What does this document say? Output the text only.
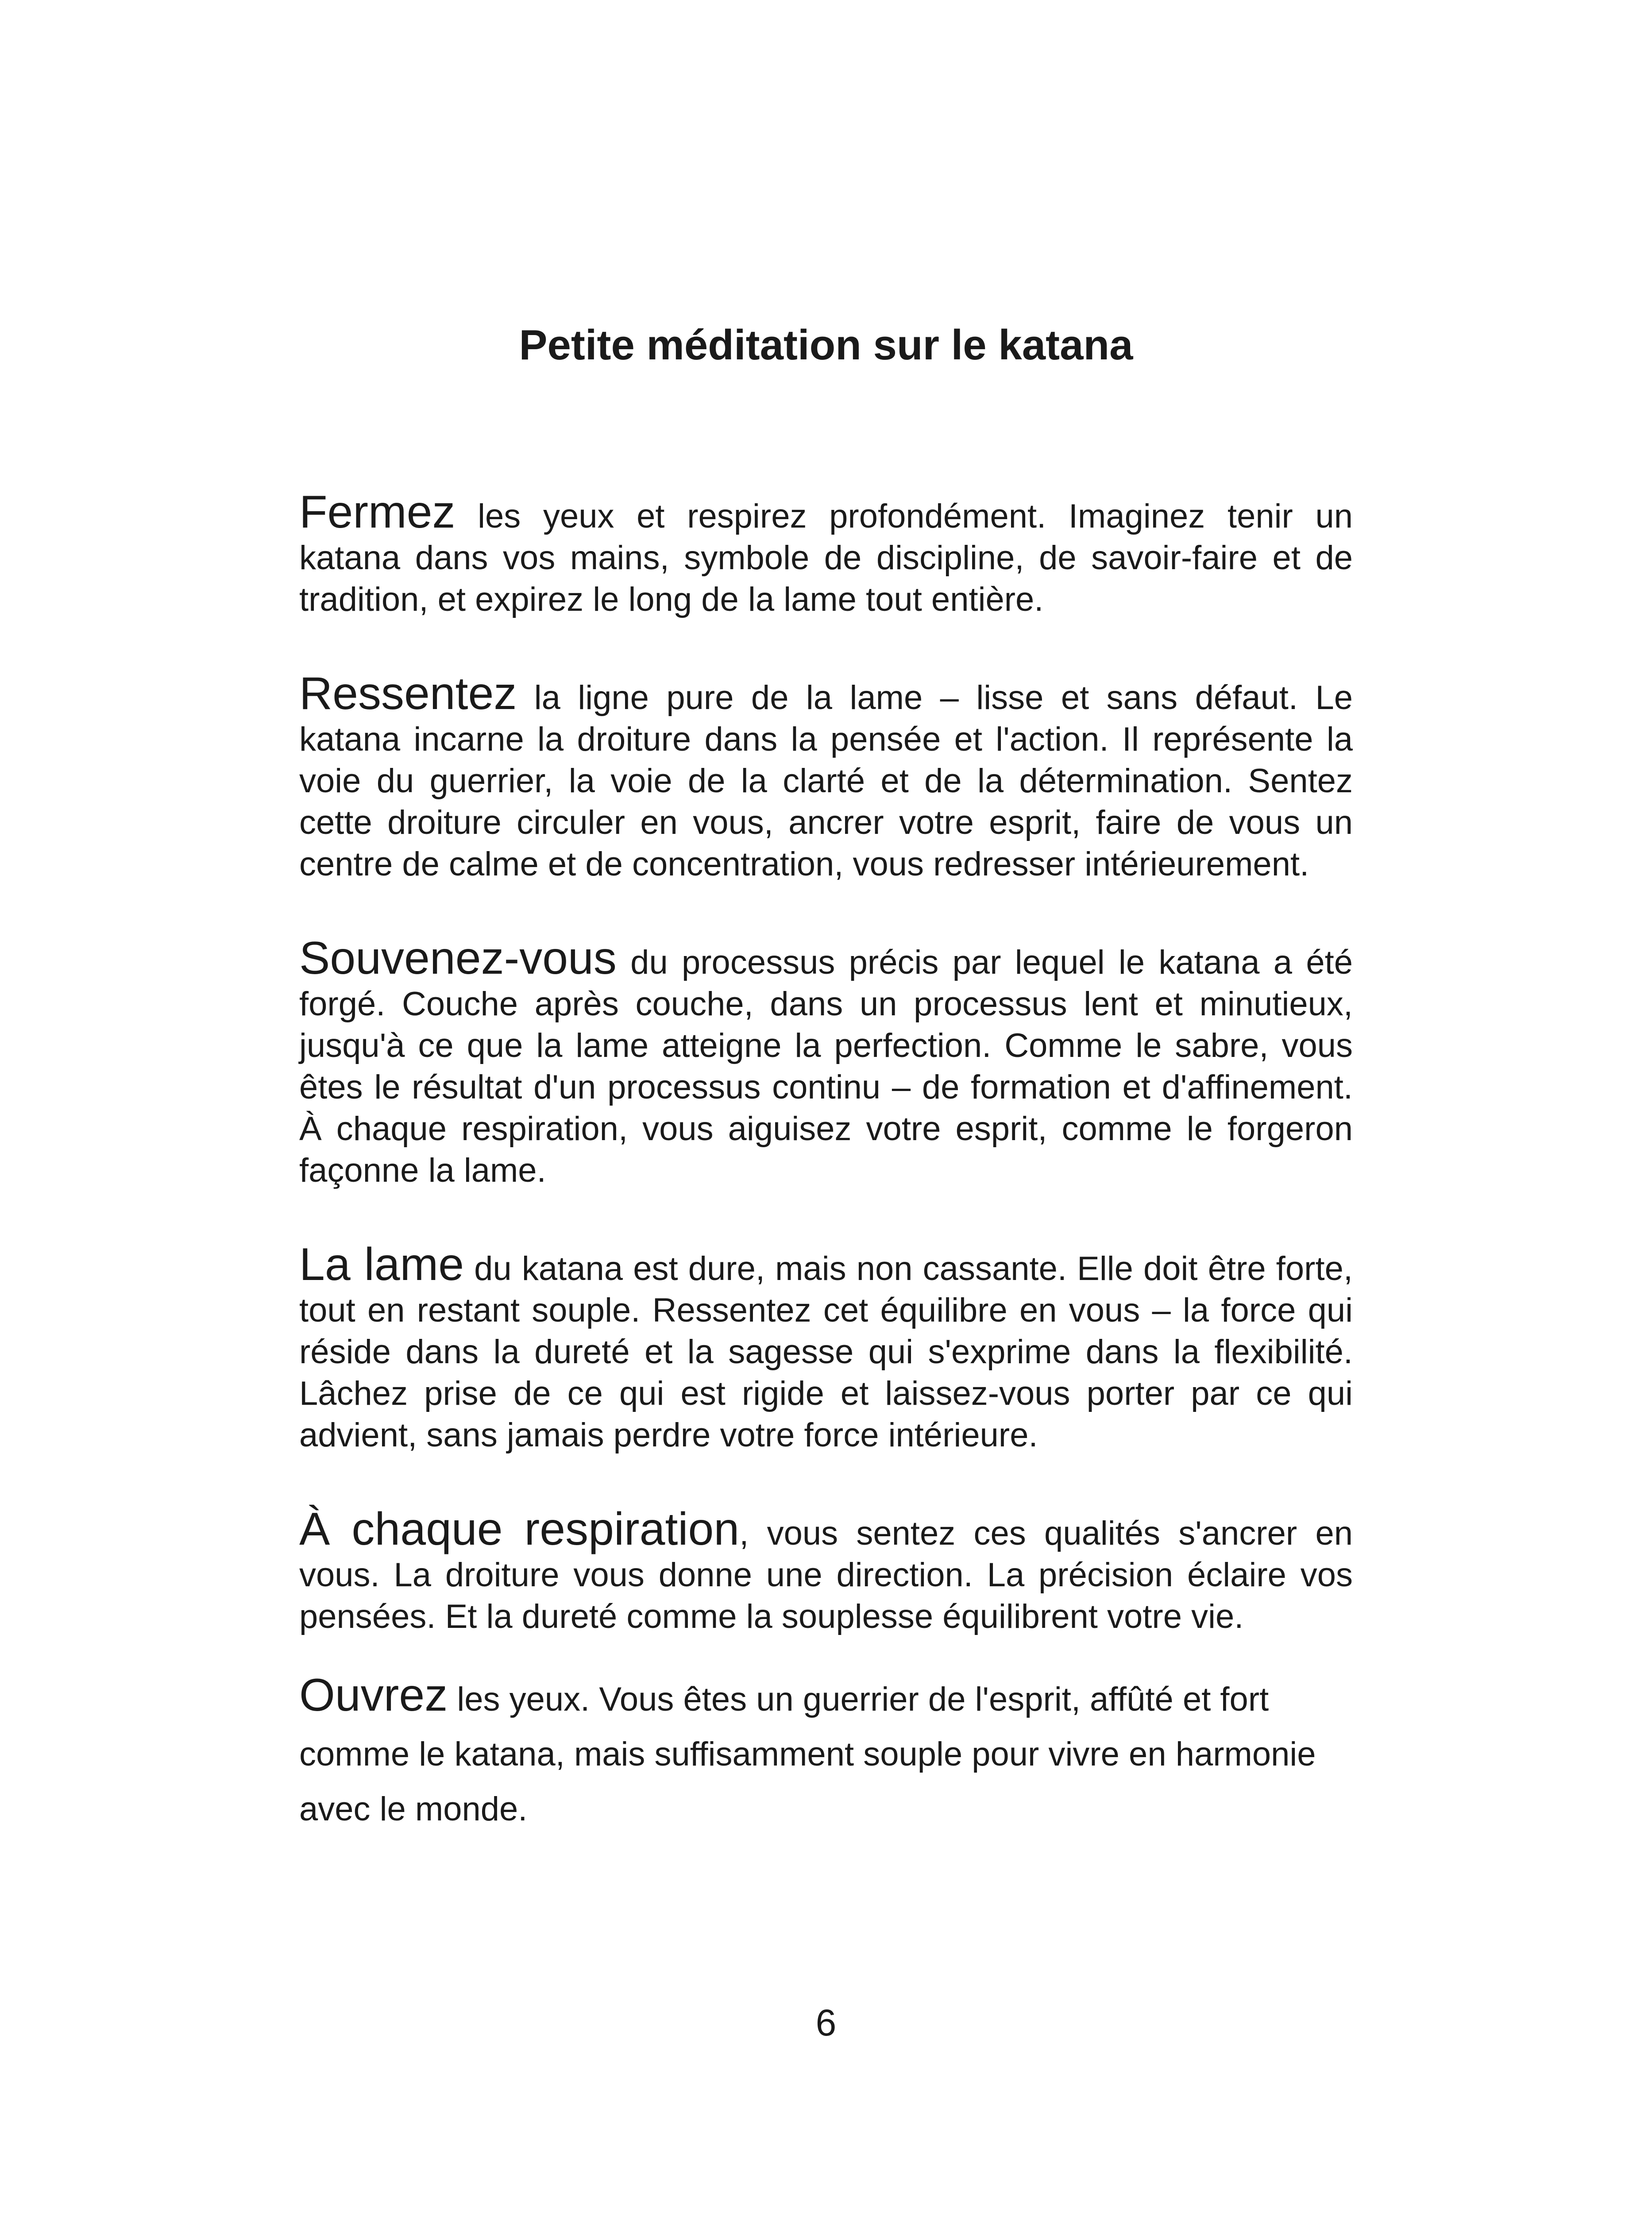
Petite méditation sur le katana

Fermez les yeux et respirez profondément. Imaginez tenir un katana dans vos mains, symbole de discipline, de savoir-faire et de tradition, et expirez le long de la lame tout entière.

Ressentez la ligne pure de la lame – lisse et sans défaut. Le katana incarne la droiture dans la pensée et l'action. Il représente la voie du guerrier, la voie de la clarté et de la détermination. Sentez cette droiture circuler en vous, ancrer votre esprit, faire de vous un centre de calme et de concentration, vous redresser intérieurement.

Souvenez-vous du processus précis par lequel le katana a été forgé. Couche après couche, dans un processus lent et minutieux, jusqu'à ce que la lame atteigne la perfection. Comme le sabre, vous êtes le résultat d'un processus continu – de formation et d'affinement. À chaque respiration, vous aiguisez votre esprit, comme le forgeron façonne la lame.

La lame du katana est dure, mais non cassante. Elle doit être forte, tout en restant souple. Ressentez cet équilibre en vous – la force qui réside dans la dureté et la sagesse qui s'exprime dans la flexibilité. Lâchez prise de ce qui est rigide et laissez-vous porter par ce qui advient, sans jamais perdre votre force intérieure.

À chaque respiration, vous sentez ces qualités s'ancrer en vous. La droiture vous donne une direction. La précision éclaire vos pensées. Et la dureté comme la souplesse équilibrent votre vie.

Ouvrez les yeux. Vous êtes un guerrier de l'esprit, affûté et fort comme le katana, mais suffisamment souple pour vivre en harmonie avec le monde.

6
